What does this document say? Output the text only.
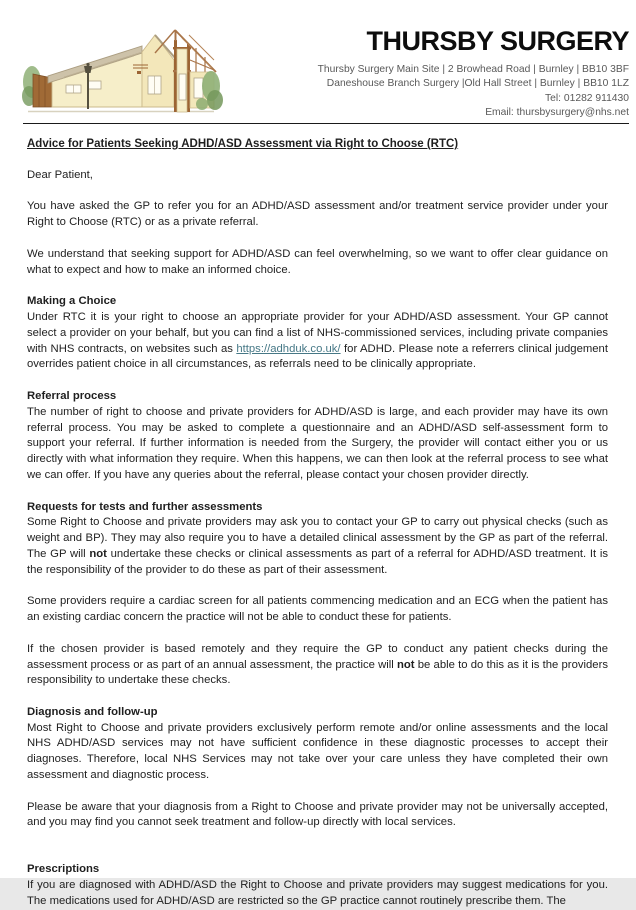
THURSBY SURGERY
Thursby Surgery Main Site | 2 Browhead Road | Burnley | BB10 3BF
Daneshouse Branch Surgery |Old Hall Street | Burnley | BB10 1LZ
Tel: 01282 911430
Email: thursbysurgery@nhs.net
Advice for Patients Seeking ADHD/ASD Assessment via Right to Choose (RTC)

Dear Patient,

You have asked the GP to refer you for an ADHD/ASD assessment and/or treatment service provider under your Right to Choose (RTC) or as a private referral.

We understand that seeking support for ADHD/ASD can feel overwhelming, so we want to offer clear guidance on what to expect and how to make an informed choice.

Making a Choice

Under RTC it is your right to choose an appropriate provider for your ADHD/ASD assessment. Your GP cannot select a provider on your behalf, but you can find a list of NHS-commissioned services, including private companies with NHS contracts, on websites such as https://adhduk.co.uk/ for ADHD. Please note a referrers clinical judgement overrides patient choice in all circumstances, as referrals need to be clinically appropriate.

Referral process

The number of right to choose and private providers for ADHD/ASD is large, and each provider may have its own referral process. You may be asked to complete a questionnaire and an ADHD/ASD self-assessment form to support your referral. If further information is needed from the Surgery, the provider will contact either you or us directly with what information they require. When this happens, we can then look at the referral process to see what we can offer. If you have any queries about the referral, please contact your chosen provider directly.

Requests for tests and further assessments

Some Right to Choose and private providers may ask you to contact your GP to carry out physical checks (such as weight and BP). They may also require you to have a detailed clinical assessment by the GP as part of the referral. The GP will not undertake these checks or clinical assessments as part of a referral for ADHD/ASD treatment. It is the responsibility of the provider to do these as part of their assessment.

Some providers require a cardiac screen for all patients commencing medication and an ECG when the patient has an existing cardiac concern the practice will not be able to conduct these for patients.

If the chosen provider is based remotely and they require the GP to conduct any patient checks during the assessment process or as part of an annual assessment, the practice will not be able to do this as it is the providers responsibility to undertake these checks.

Diagnosis and follow-up

Most Right to Choose and private providers exclusively perform remote and/or online assessments and the local NHS ADHD/ASD services may not have sufficient confidence in these diagnostic processes to accept their diagnoses. Therefore, local NHS Services may not take over your care unless they have completed their own assessment and diagnostic process.

Please be aware that your diagnosis from a Right to Choose and private provider may not be universally accepted, and you may find you cannot seek treatment and follow-up directly with local services.

Prescriptions

If you are diagnosed with ADHD/ASD the Right to Choose and private providers may suggest medications for you. The medications used for ADHD/ASD are restricted so the GP practice cannot routinely prescribe them. The
